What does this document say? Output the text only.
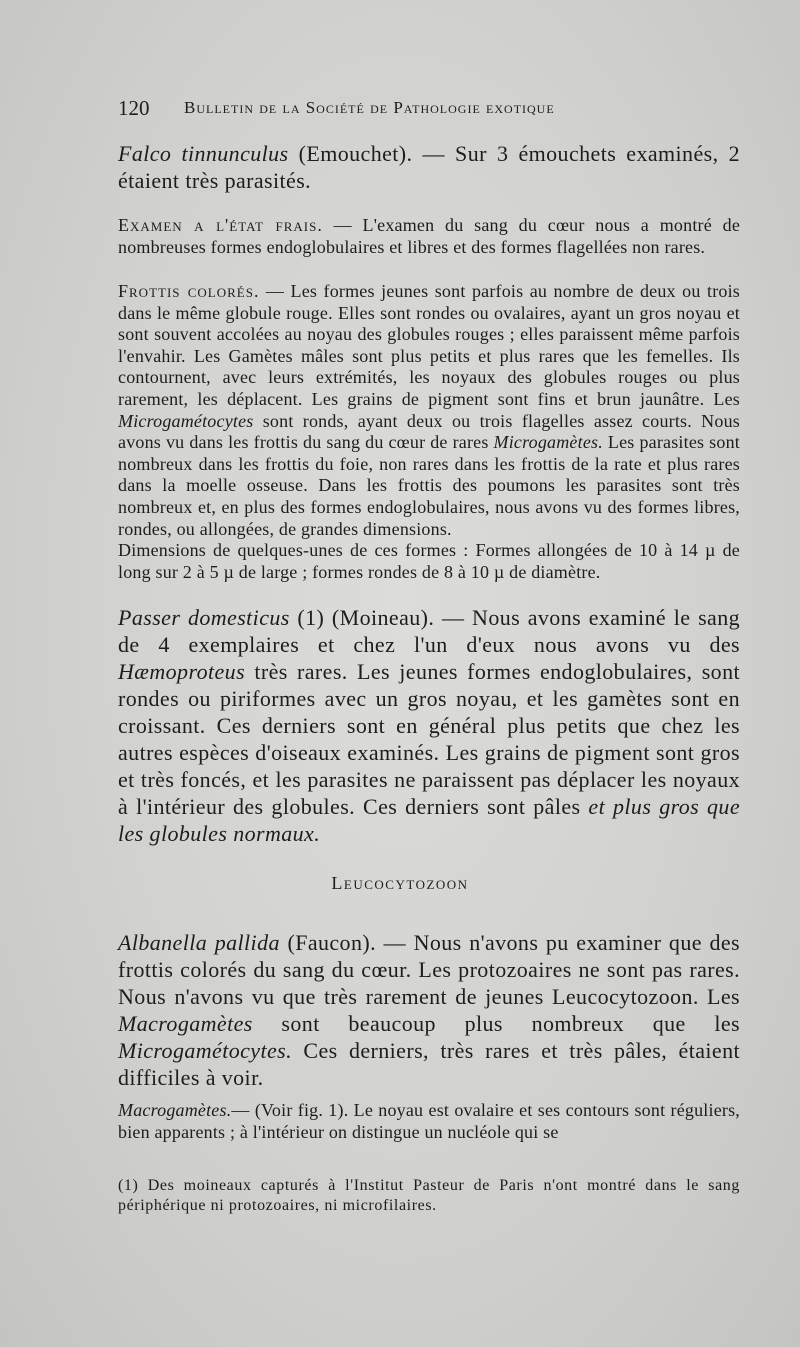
120 Bulletin de la Société de Pathologie exotique

Falco tinnunculus (Emouchet). — Sur 3 émouchets examinés, 2 étaient très parasités.

Examen a l'état frais. — L'examen du sang du cœur nous a montré de nombreuses formes endoglobulaires et libres et des formes flagellées non rares.

Frottis colorés. — Les formes jeunes sont parfois au nombre de deux ou trois dans le même globule rouge. Elles sont rondes ou ovalaires, ayant un gros noyau et sont souvent accolées au noyau des globules rouges ; elles paraissent même parfois l'envahir. Les Gamètes mâles sont plus petits et plus rares que les femelles. Ils contournent, avec leurs extrémités, les noyaux des globules rouges ou plus rarement, les déplacent. Les grains de pigment sont fins et brun jaunâtre. Les Microgamétocytes sont ronds, ayant deux ou trois flagelles assez courts. Nous avons vu dans les frottis du sang du cœur de rares Microgamètes. Les parasites sont nombreux dans les frottis du foie, non rares dans les frottis de la rate et plus rares dans la moelle osseuse. Dans les frottis des poumons les parasites sont très nombreux et, en plus des formes endoglobulaires, nous avons vu des formes libres, rondes, ou allongées, de grandes dimensions.

Dimensions de quelques-unes de ces formes : Formes allongées de 10 à 14 µ de long sur 2 à 5 µ de large ; formes rondes de 8 à 10 µ de diamètre.

Passer domesticus (1) (Moineau). — Nous avons examiné le sang de 4 exemplaires et chez l'un d'eux nous avons vu des Hæmoproteus très rares. Les jeunes formes endoglobulaires, sont rondes ou piriformes avec un gros noyau, et les gamètes sont en croissant. Ces derniers sont en général plus petits que chez les autres espèces d'oiseaux examinés. Les grains de pigment sont gros et très foncés, et les parasites ne paraissent pas déplacer les noyaux à l'intérieur des globules. Ces derniers sont pâles et plus gros que les globules normaux.

Leucocytozoon

Albanella pallida (Faucon). — Nous n'avons pu examiner que des frottis colorés du sang du cœur. Les protozoaires ne sont pas rares. Nous n'avons vu que très rarement de jeunes Leucocytozoon. Les Macrogamètes sont beaucoup plus nombreux que les Microgamétocytes. Ces derniers, très rares et très pâles, étaient difficiles à voir.

Macrogamètes.— (Voir fig. 1). Le noyau est ovalaire et ses contours sont réguliers, bien apparents ; à l'intérieur on distingue un nucléole qui se

(1) Des moineaux capturés à l'Institut Pasteur de Paris n'ont montré dans le sang périphérique ni protozoaires, ni microfilaires.
